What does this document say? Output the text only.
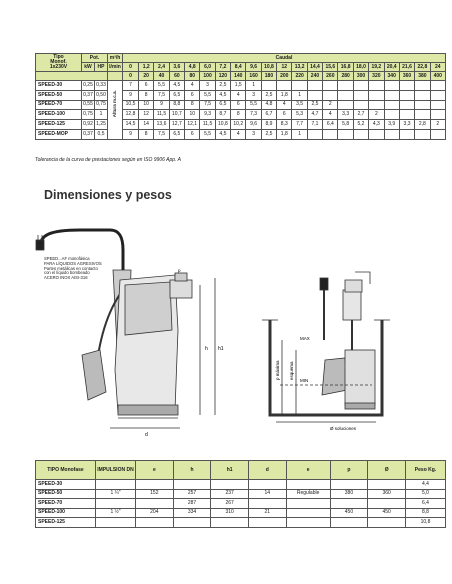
Tipo
Monof.
1x230V	Pot.		m³/h	Caudal																				
	kW	HP	l/min	0	1,2	2,4	3,6	4,8	6,0	7,2	8,4	9,6	10,8	12	13,2	14,4	15,6	16,8	18,0	19,2	20,4	21,6	22,8	24
				0	20	40	60	80	100	120	140	160	180	200	220	240	260	280	300	320	340	360	380	400
SPEED-30	0,25	0,33	Altura m.c.a.	7	6	5,5	4,5	4	3	2,5	1,5	1												
SPEED-50	0,37	0,50		9	8	7,5	6,5	6	5,5	4,5	4	3	2,5	1,8	1									
SPEED-70	0,55	0,75		10,5	10	9	8,8	8	7,5	6,5	6	5,5	4,8	4	3,5	2,5	2							
SPEED-100	0,75	1		12,8	12	11,5	10,7	10	9,3	8,7	8	7,3	6,7	6	5,3	4,7	4	3,3	2,7	2				
SPEED-125	0,92	1,25		14,5	14	13,6	12,7	12,1	11,5	10,8	10,2	9,6	8,9	8,3	7,7	7,1	6,4	5,8	5,2	4,3	3,9	3,3	2,8	2
SPEED-MOP	0,37	0,5		9	8	7,5	6,5	6	5,5	4,5	4	3	2,5	1,8	1									
Tolerancia de la curva de prestaciones según en ISO 9906 App. A
Dimensiones y pesos
h h1
d
p
MAX
MIN
Ø soluciones
p máxima esquema
SPEED...AF monofásica
PARA LÍQUIDOS AGRESIVOS
Partes metálicas en contacto
con el líquido bombeado
ACERO INOX AISI-316
TIPO Monofase	IMPULSION DN	e	h	h1	d	e	p	Ø	Peso Kg.
SPEED-30									4,4
SPEED-50	1 ¼"	152	257	237	14	Regulable	380	360	5,0
SPEED-70			287	267					6,4
SPEED-100	1 ½"	204	334	310	21		450	450	8,8
SPEED-125									10,8
